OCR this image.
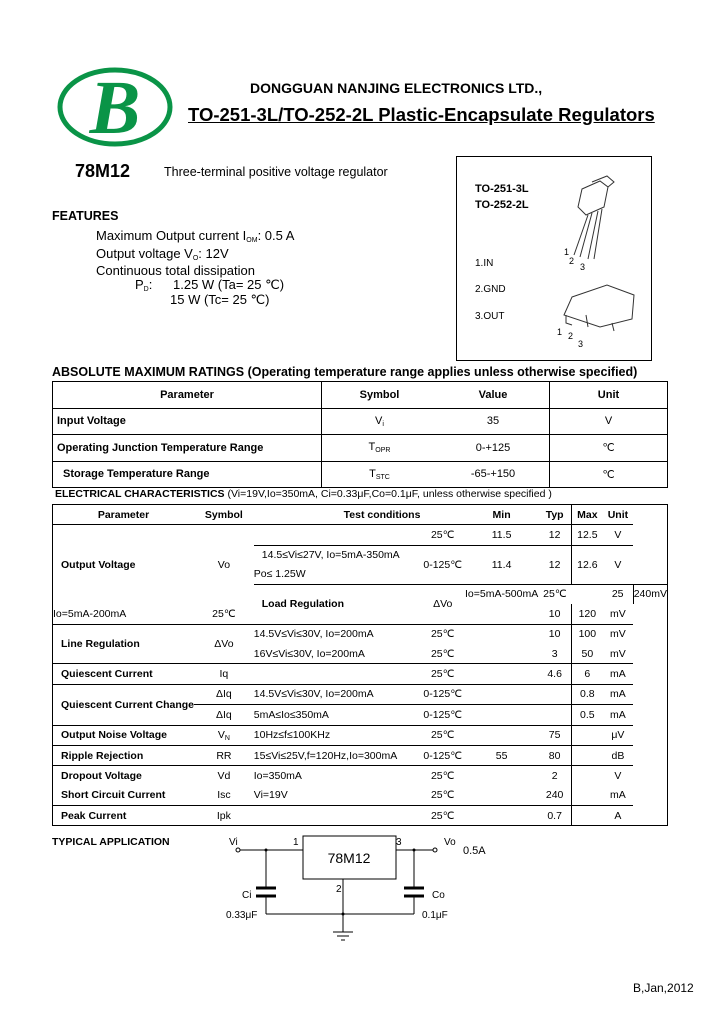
B	DONGGUAN NANJING ELECTRONICS LTD.,
TO-251-3L/TO-252-2L Plastic-Encapsulate Regulators
78M12	Three-terminal positive voltage regulator
FEATURES
Maximum Output current $I_{OM}$: 0.5 A
Output voltage $V_O$: 12V
Continuous total dissipation
$P_D$: 1.25 W (Ta= 25 ℃)
15 W (Tc= 25 ℃)
TO-251-3L
TO-252-2L
1.IN
2.GND
3.OUT
1
2
3
1 2
3
ABSOLUTE MAXIMUM RATINGS (Operating temperature range applies unless otherwise specified)
Parameter	Symbol	Value	Unit
Input Voltage	$V_i$	35	V
Operating Junction Temperature Range	$T_{OPR}$	0-+125	℃
Storage Temperature Range	$T_{STC}$	-65-+150	℃
ELECTRICAL CHARACTERISTICS (Vi=19V,Io=350mA, Ci=0.33μF,Co=0.1μF, unless otherwise specified )
Parameter	Symbol	Test conditions		Min	Typ	Max	Unit		
Output Voltage	Vo		25℃	11.5	12	12.5	V		

		14.5≤Vi≤27V, Io=5mA-350mA
Po≤ 1.25W	0-125℃	11.4	12	12.6	V		
		Load Regulation	ΔVo	Io=5mA-500mA	25℃		25	240	mV
Io=5mA-200mA	25℃				10	120	mV		
Line Regulation	ΔVo	14.5V≤Vi≤30V, Io=200mA	25℃		10	100	mV		
		16V≤Vi≤30V, Io=200mA	25℃		3	50	mV		
Quiescent Current	Iq		25℃		4.6	6	mA		
Quiescent Current Change	ΔIq	14.5V≤Vi≤30V, Io=200mA	0-125℃			0.8	mA		
	ΔIq	5mA≤Io≤350mA	0-125℃			0.5	mA		
Output Noise Voltage	$V_N$	10Hz≤f≤100KHz	25℃		75		μV		
Ripple Rejection	RR	15≤Vi≤25V,f=120Hz,Io=300mA	0-125℃	55	80		dB		
Dropout Voltage	Vd	Io=350mA	25℃		2		V		
Short Circuit Current	Isc	Vi=19V	25℃		240		mA		
Peak Current	Ipk		25℃		0.7		A		
TYPICAL APPLICATION	Vi	1	3	Vo
78M12	0.5A
2
Ci
0.33μF
Co
0.1μF
B,Jan,2012
